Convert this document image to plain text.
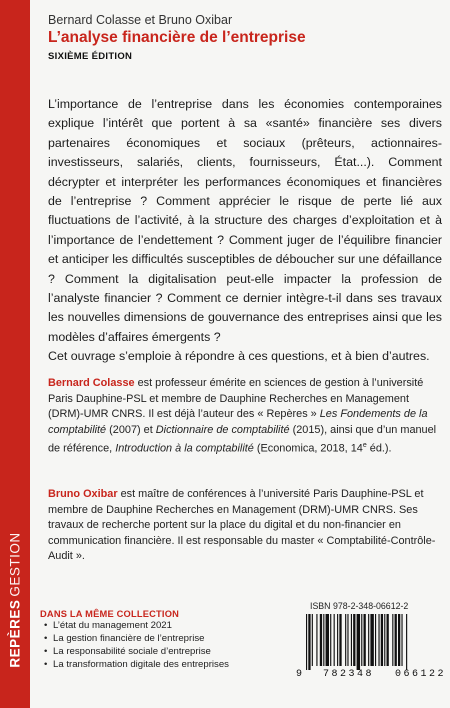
REPÈRESGESTION
Bernard Colasse et Bruno Oxibar
L’analyse financière de l’entreprise
SIXIÈME ÉDITION

L’importance de l’entreprise dans les économies contemporaines explique l’intérêt que portent à sa «santé» financière ses divers partenaires économiques et sociaux (prêteurs, actionnaires-investisseurs, salariés, clients, fournisseurs, État...). Comment décrypter et interpréter les performances économiques et financières de l’entreprise ? Comment apprécier le risque de perte lié aux fluctuations de l’activité, à la structure des charges d’exploitation et à l’importance de l’endettement ? Comment juger de l’équilibre financier et anticiper les difficultés susceptibles de déboucher sur une défaillance ? Comment la digitalisation peut-elle impacter la profession de l’analyste financier ? Comment ce dernier intègre-t-il dans ses travaux les nouvelles dimensions de gouvernance des entreprises ainsi que les modèles d’affaires émergents ?

Cet ouvrage s’emploie à répondre à ces questions, et à bien d’autres.

Bernard Colasse est professeur émérite en sciences de gestion à l’université Paris Dauphine-PSL et membre de Dauphine Recherches en Management (DRM)-UMR CNRS. Il est déjà l’auteur des « Repères » Les Fondements de la comptabilité (2007) et Dictionnaire de comptabilité (2015), ainsi que d’un manuel de référence, Introduction à la comptabilité (Economica, 2018, 14e éd.).
Bruno Oxibar est maître de conférences à l’université Paris Dauphine-PSL et membre de Dauphine Recherches en Management (DRM)-UMR CNRS. Ses travaux de recherche portent sur la place du digital et du non-financier en communication financière. Il est responsable du master « Comptabilité-Contrôle-Audit ».
DANS LA MÊME COLLECTION
• L’état du management 2021
• La gestion financière de l’entreprise
• La responsabilité sociale d’entreprise
• La transformation digitale des entreprises
ISBN 978-2-348-06612-2
9 782348 066122
